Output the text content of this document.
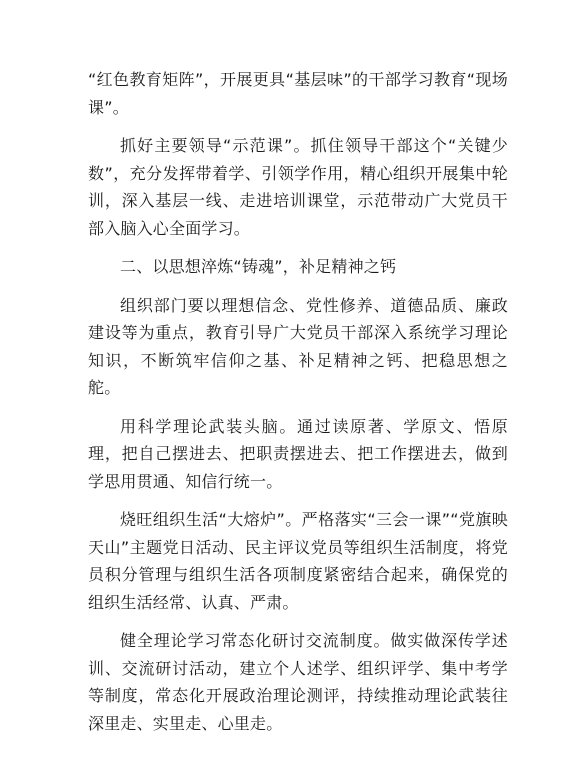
“红色教育矩阵”，开展更具“基层味”的干部学习教育“现场课”。

抓好主要领导“示范课”。抓住领导干部这个“关键少数”，充分发挥带着学、引领学作用，精心组织开展集中轮训，深入基层一线、走进培训课堂，示范带动广大党员干部入脑入心全面学习。

二、以思想淬炼“铸魂”，补足精神之钙

组织部门要以理想信念、党性修养、道德品质、廉政建设等为重点，教育引导广大党员干部深入系统学习理论知识，不断筑牢信仰之基、补足精神之钙、把稳思想之舵。

用科学理论武装头脑。通过读原著、学原文、悟原理，把自己摆进去、把职责摆进去、把工作摆进去，做到学思用贯通、知信行统一。

烧旺组织生活“大熔炉”。严格落实“三会一课”“党旗映天山”主题党日活动、民主评议党员等组织生活制度，将党员积分管理与组织生活各项制度紧密结合起来，确保党的组织生活经常、认真、严肃。

健全理论学习常态化研讨交流制度。做实做深传学述训、交流研讨活动，建立个人述学、组织评学、集中考学等制度，常态化开展政治理论测评，持续推动理论武装往深里走、实里走、心里走。
